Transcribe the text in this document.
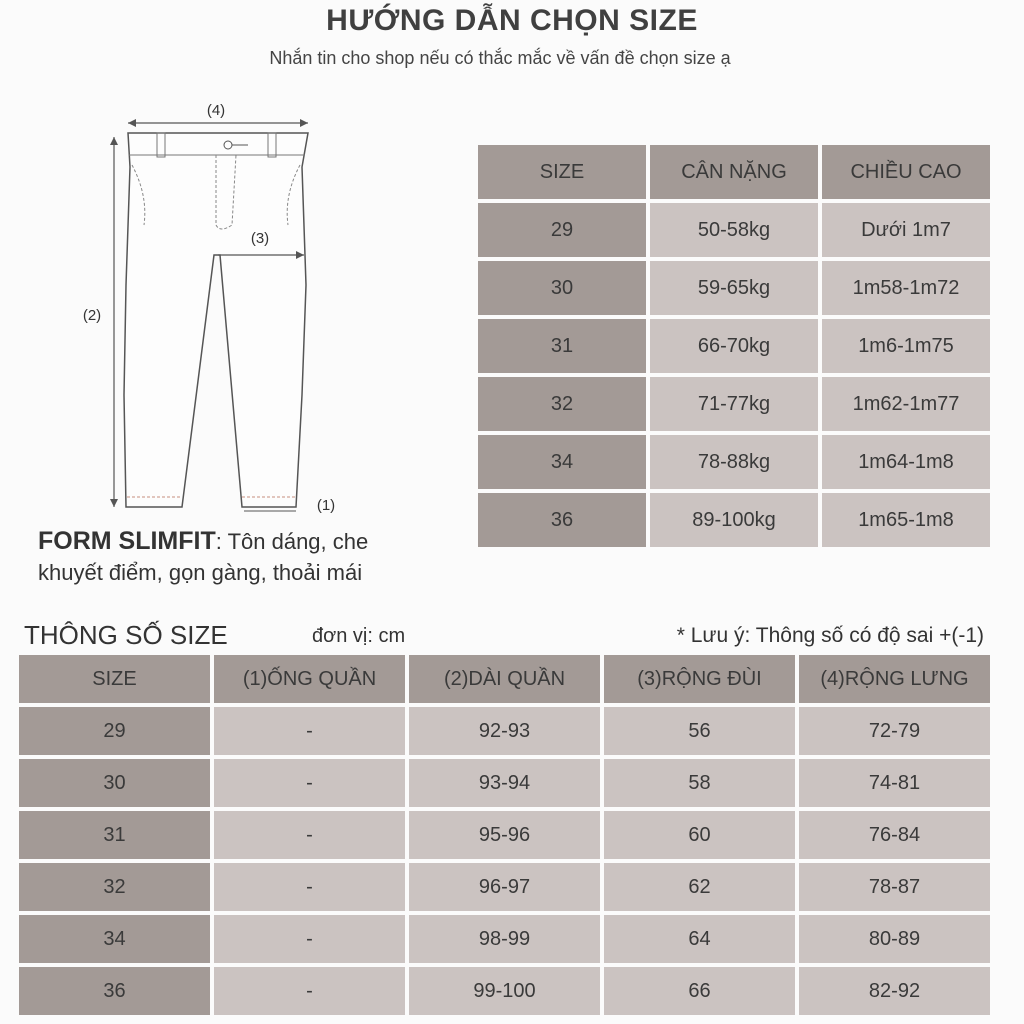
HƯỚNG DẪN CHỌN SIZE
Nhắn tin cho shop nếu có thắc mắc về vấn đề chọn size ạ
(4)
(2)
(3)
(1)
FORM SLIMFIT: Tôn dáng, che khuyết điểm, gọn gàng, thoải mái
SIZE	CÂN NẶNG	CHIỀU CAO
29	50-58kg	Dưới 1m7
30	59-65kg	1m58-1m72
31	66-70kg	1m6-1m75
32	71-77kg	1m62-1m77
34	78-88kg	1m64-1m8
36	89-100kg	1m65-1m8
THÔNG SỐ SIZE	đơn vị: cm	* Lưu ý: Thông số có độ sai +(-1)
SIZE	(1)ỐNG QUẦN	(2)DÀI QUẦN	(3)RỘNG ĐÙI	(4)RỘNG LƯNG
29	-	92-93	56	72-79
30	-	93-94	58	74-81
31	-	95-96	60	76-84
32	-	96-97	62	78-87
34	-	98-99	64	80-89
36	-	99-100	66	82-92
